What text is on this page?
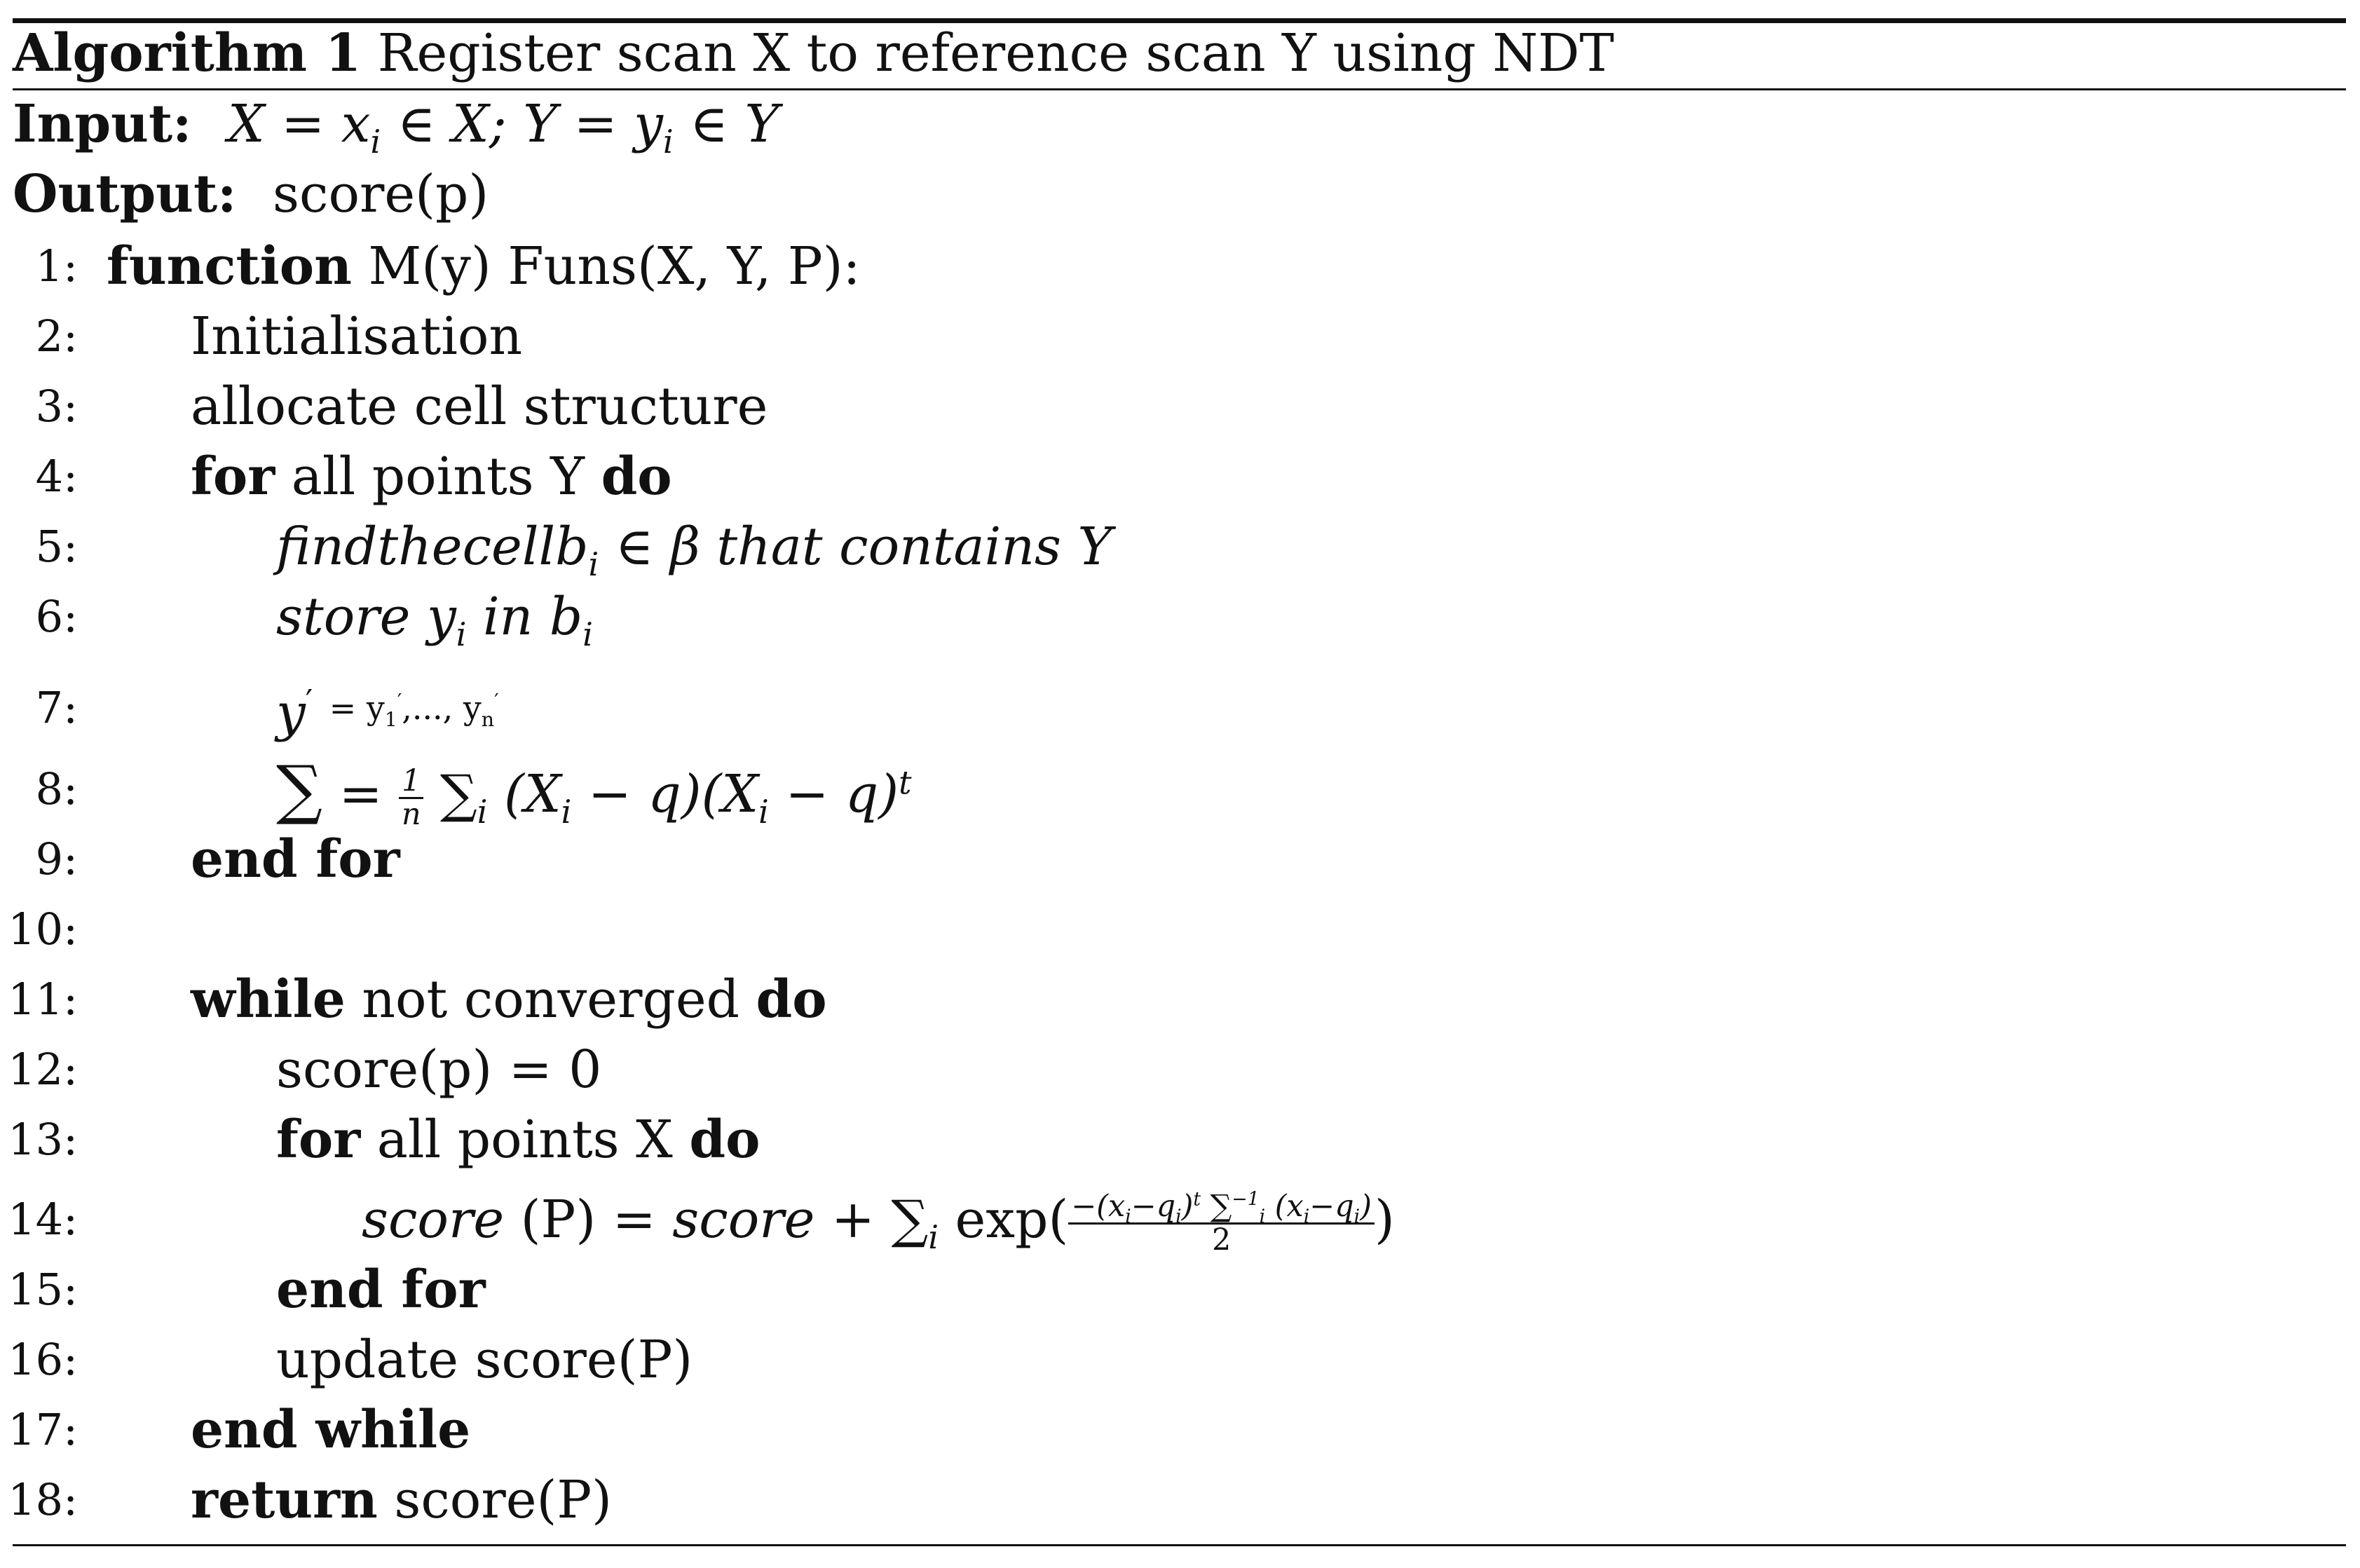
Algorithm 1 Register scan X to reference scan Y using NDT
Input: $X = x_i$ ∈ X; $Y = y_i$ ∈ Y
Output: score(p)
1: function M(y) Funs(X, Y, P):
2: Initialisation
3: allocate cell structure
4: for all points Y do
5:	findthecellb$_i$ ∈ β that contains Y
6:	store $y_i$ in $b_i$
7:	y′ $^{= y_1',..., y_n'}$
8:	∑ = $\frac{1}{n} \sum_i$ $(X_i - q)(X_i - q)^t$
9: end for
10:
11: while not converged do
12:	score(p) = 0
13:	for all points X do
14:	score (P) = score + $\sum_i$ $\exp( \frac{-(x_i-q_i)^t \sum^{-1}_i (x_i-q_i)}{2}$ )
15:	end for
16:	update score(P)
17: end while
18: return score(P)
